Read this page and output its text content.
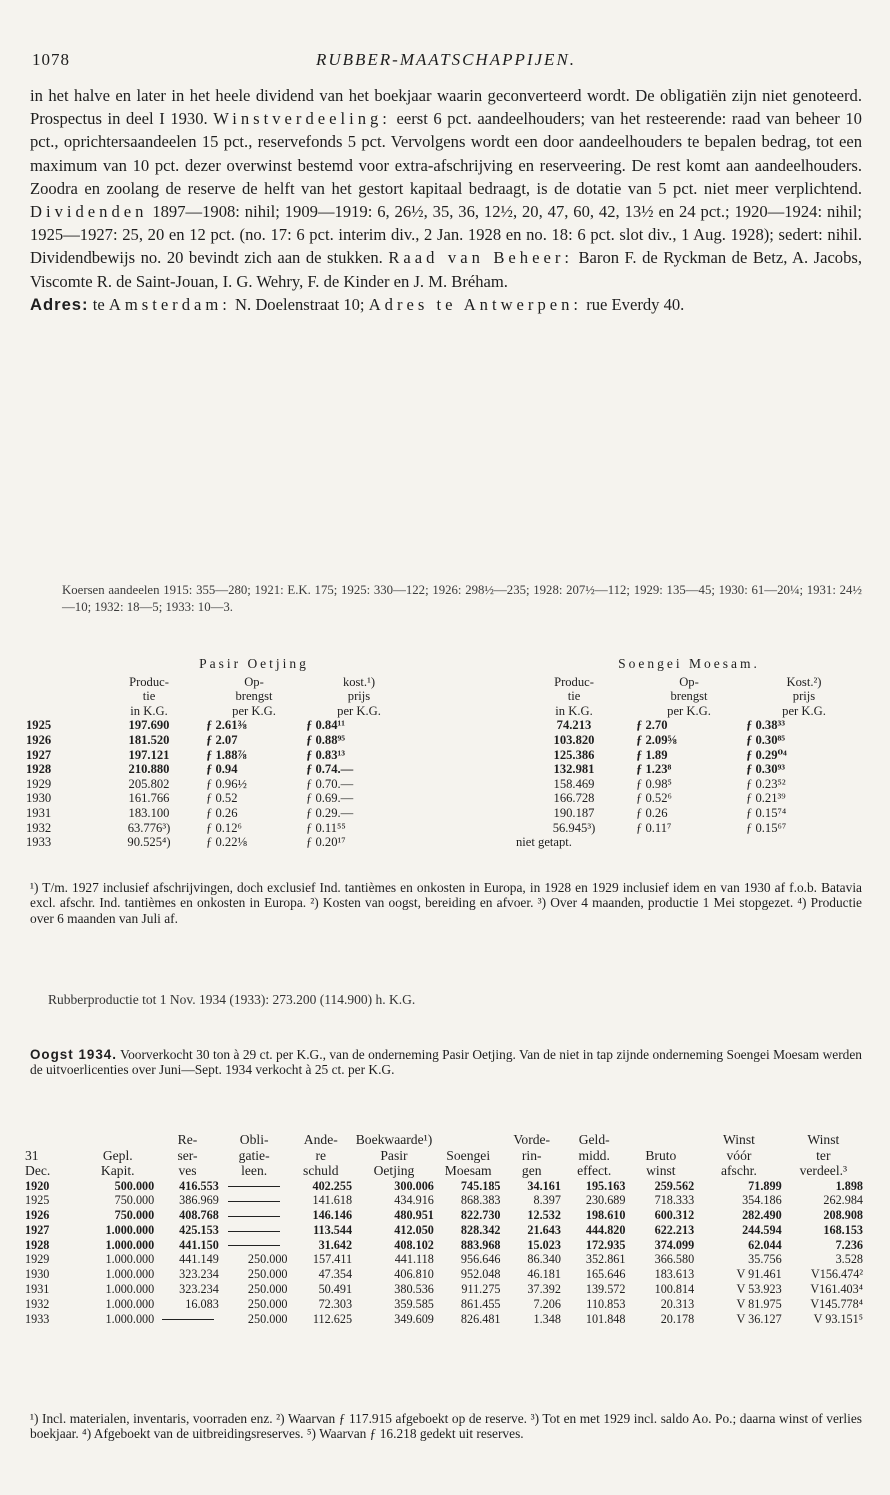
1078	RUBBER-MAATSCHAPPIJEN.

in het halve en later in het heele dividend van het boekjaar waarin geconverteerd wordt. De obligatiën zijn niet genoteerd. Prospectus in deel I 1930. Winstverdeeling: eerst 6 pct. aandeelhouders; van het resteerende: raad van beheer 10 pct., oprichtersaandeelen 15 pct., reservefonds 5 pct. Vervolgens wordt een door aandeelhouders te bepalen bedrag, tot een maximum van 10 pct. dezer overwinst bestemd voor extra-afschrijving en reserveering. De rest komt aan aandeelhouders. Zoodra en zoolang de reserve de helft van het gestort kapitaal bedraagt, is de dotatie van 5 pct. niet meer verplichtend. Dividenden 1897—1908: nihil; 1909—1919: 6, 26½, 35, 36, 12½, 20, 47, 60, 42, 13½ en 24 pct.; 1920—1924: nihil; 1925—1927: 25, 20 en 12 pct. (no. 17: 6 pct. interim div., 2 Jan. 1928 en no. 18: 6 pct. slot div., 1 Aug. 1928); sedert: nihil. Dividendbewijs no. 20 bevindt zich aan de stukken. Raad van Beheer: Baron F. de Ryckman de Betz, A. Jacobs, Viscomte R. de Saint-Jouan, I. G. Wehry, F. de Kinder en J. M. Bréham.

Adres: te Amsterdam: N. Doelenstraat 10; Adres te Antwerpen: rue Everdy 40.

Koersen aandeelen 1915: 355—280; 1921: E.K. 175; 1925: 330—122; 1926: 298½—235; 1928: 207½—112; 1929: 135—45; 1930: 61—20¼; 1931: 24½—10; 1932: 18—5; 1933: 10—3.
	Pasir Oetjing				Soengei Moesam.		
	Produc-	Op-	kost.¹)		Produc-	Op-	Kost.²)
	tie	brengst	prijs		tie	brengst	prijs
	in K.G.	per K.G.	per K.G.		in K.G.	per K.G.	per K.G.
1925	197.690	ƒ 2.61⅜	ƒ 0.84¹¹		74.213	ƒ 2.70	ƒ 0.38³³
1926	181.520	ƒ 2.07	ƒ 0.88⁹⁵		103.820	ƒ 2.09⅝	ƒ 0.30⁸⁵
1927	197.121	ƒ 1.88⅞	ƒ 0.83¹³		125.386	ƒ 1.89	ƒ 0.29⁰⁴
1928	210.880	ƒ 0.94	ƒ 0.74.—		132.981	ƒ 1.23⁸	ƒ 0.30⁹³
1929	205.802	ƒ 0.96½	ƒ 0.70.—		158.469	ƒ 0.98⁵	ƒ 0.23⁵²
1930	161.766	ƒ 0.52	ƒ 0.69.—		166.728	ƒ 0.52⁶	ƒ 0.21³⁹
1931	183.100	ƒ 0.26	ƒ 0.29.—		190.187	ƒ 0.26	ƒ 0.15⁷⁴
1932	63.776³)	ƒ 0.12⁶	ƒ 0.11⁵⁵		56.945³)	ƒ 0.11⁷	ƒ 0.15⁶⁷
1933	90.525⁴)	ƒ 0.22⅛	ƒ 0.20¹⁷		niet getapt.		
¹) T/m. 1927 inclusief afschrijvingen, doch exclusief Ind. tantièmes en onkosten in Europa, in 1928 en 1929 inclusief idem en van 1930 af f.o.b. Batavia excl. afschr. Ind. tantièmes en onkosten in Europa. ²) Kosten van oogst, bereiding en afvoer. ³) Over 4 maanden, productie 1 Mei stopgezet. ⁴) Productie over 6 maanden van Juli af.
Rubberproductie tot 1 Nov. 1934 (1933): 273.200 (114.900) h. K.G.
Oogst 1934. Voorverkocht 30 ton à 29 ct. per K.G., van de onderneming Pasir Oetjing. Van de niet in tap zijnde onderneming Soengei Moesam werden de uitvoerlicenties over Juni—Sept. 1934 verkocht à 25 ct. per K.G.
		Re-	Obli-	Ande-	Boekwaarde¹)		Vorde-	Geld-		Winst	Winst
31	Gepl.	ser-	gatie-	re	Pasir	Soengei	rin-	midd.	Bruto	vóór	ter
Dec.	Kapit.	ves	leen.	schuld	Oetjing	Moesam	gen	effect.	winst	afschr.	verdeel.³
1920	500.000	416.553		402.255	300.006	745.185	34.161	195.163	259.562	71.899	1.898
1925	750.000	386.969		141.618	434.916	868.383	8.397	230.689	718.333	354.186	262.984
1926	750.000	408.768		146.146	480.951	822.730	12.532	198.610	600.312	282.490	208.908
1927	1.000.000	425.153		113.544	412.050	828.342	21.643	444.820	622.213	244.594	168.153
1928	1.000.000	441.150		31.642	408.102	883.968	15.023	172.935	374.099	62.044	7.236
1929	1.000.000	441.149	250.000	157.411	441.118	956.646	86.340	352.861	366.580	35.756	3.528
1930	1.000.000	323.234	250.000	47.354	406.810	952.048	46.181	165.646	183.613	V 91.461	V156.474²
1931	1.000.000	323.234	250.000	50.491	380.536	911.275	37.392	139.572	100.814	V 53.923	V161.403⁴
1932	1.000.000	16.083	250.000	72.303	359.585	861.455	7.206	110.853	20.313	V 81.975	V145.778⁴
1933	1.000.000		250.000	112.625	349.609	826.481	1.348	101.848	20.178	V 36.127	V 93.151⁵
¹) Incl. materialen, inventaris, voorraden enz. ²) Waarvan ƒ 117.915 afgeboekt op de reserve. ³) Tot en met 1929 incl. saldo Ao. Po.; daarna winst of verlies boekjaar. ⁴) Afgeboekt van de uitbreidingsreserves. ⁵) Waarvan ƒ 16.218 gedekt uit reserves.
